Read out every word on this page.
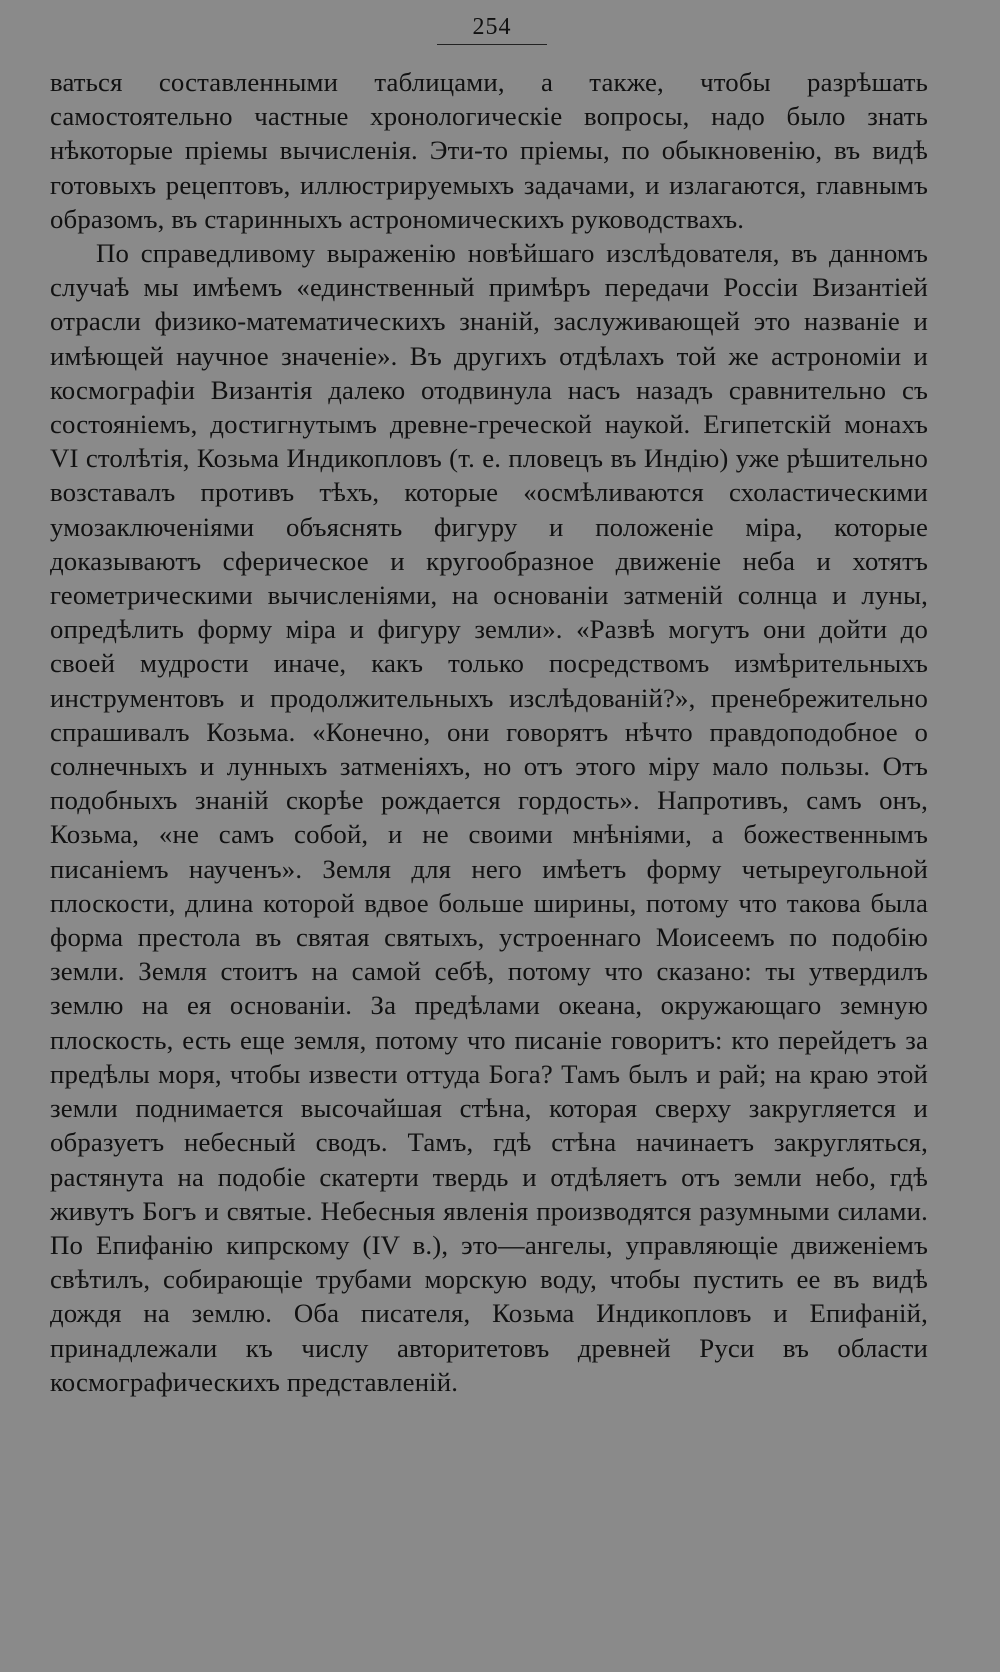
254

ваться составленными таблицами, а также, чтобы разрѣшать самостоятельно частные хронологическiе вопросы, надо было знать нѣкоторые прiемы вычисленiя. Эти-то прiемы, по обыкновенiю, въ видѣ готовыхъ рецептовъ, иллюстрируемыхъ задачами, и излагаются, главнымъ образомъ, въ старинныхъ астрономическихъ руководствахъ.

По справедливому выраженiю новѣйшаго изслѣдователя, въ данномъ случаѣ мы имѣемъ «единственный примѣръ передачи Россiи Византiей отрасли физико-математическихъ знанiй, заслуживающей это названiе и имѣющей научное значенiе». Въ другихъ отдѣлахъ той же астрономiи и космографiи Византiя далеко отодвинула насъ назадъ сравнительно съ состоянiемъ, достигнутымъ древне-греческой наукой. Египетскiй монахъ VI столѣтiя, Козьма Индикопловъ (т. е. пловецъ въ Индiю) уже рѣшительно возставалъ противъ тѣхъ, которые «осмѣливаются схоластическими умозаключенiями объяснять фигуру и положенiе мiра, которые доказываютъ сферическое и кругообразное движенiе неба и хотятъ геометрическими вычисленiями, на основанiи затменiй солнца и луны, опредѣлить форму мiра и фигуру земли». «Развѣ могутъ они дойти до своей мудрости иначе, какъ только посредствомъ измѣрительныхъ инструментовъ и продолжительныхъ изслѣдованiй?», пренебрежительно спрашивалъ Козьма. «Конечно, они говорятъ нѣчто правдоподобное о солнечныхъ и лунныхъ затменiяхъ, но отъ этого мiру мало пользы. Отъ подобныхъ знанiй скорѣе рождается гордость». Напротивъ, самъ онъ, Козьма, «не самъ собой, и не своими мнѣнiями, а божественнымъ писанiемъ наученъ». Земля для него имѣетъ форму четыреугольной плоскости, длина которой вдвое больше ширины, потому что такова была форма престола въ святая святыхъ, устроеннаго Моисеемъ по подобiю земли. Земля стоитъ на самой себѣ, потому что сказано: ты утвердилъ землю на ея основанiи. За предѣлами океана, окружающаго земную плоскость, есть еще земля, потому что писанiе говоритъ: кто перейдетъ за предѣлы моря, чтобы извести оттуда Бога? Тамъ былъ и рай; на краю этой земли поднимается высочайшая стѣна, которая сверху закругляется и образуетъ небесный сводъ. Тамъ, гдѣ стѣна начинаетъ закругляться, растянута на подобiе скатерти твердь и отдѣляетъ отъ земли небо, гдѣ живутъ Богъ и святые. Небесныя явленiя производятся разумными силами. По Епифанiю кипрскому (IV в.), это—ангелы, управляющiе движенiемъ свѣтилъ, собирающiе трубами морскую воду, чтобы пустить ее въ видѣ дождя на землю. Оба писателя, Козьма Индикопловъ и Епифанiй, принадлежали къ числу авторитетовъ древней Руси въ области космографическихъ представленiй.
